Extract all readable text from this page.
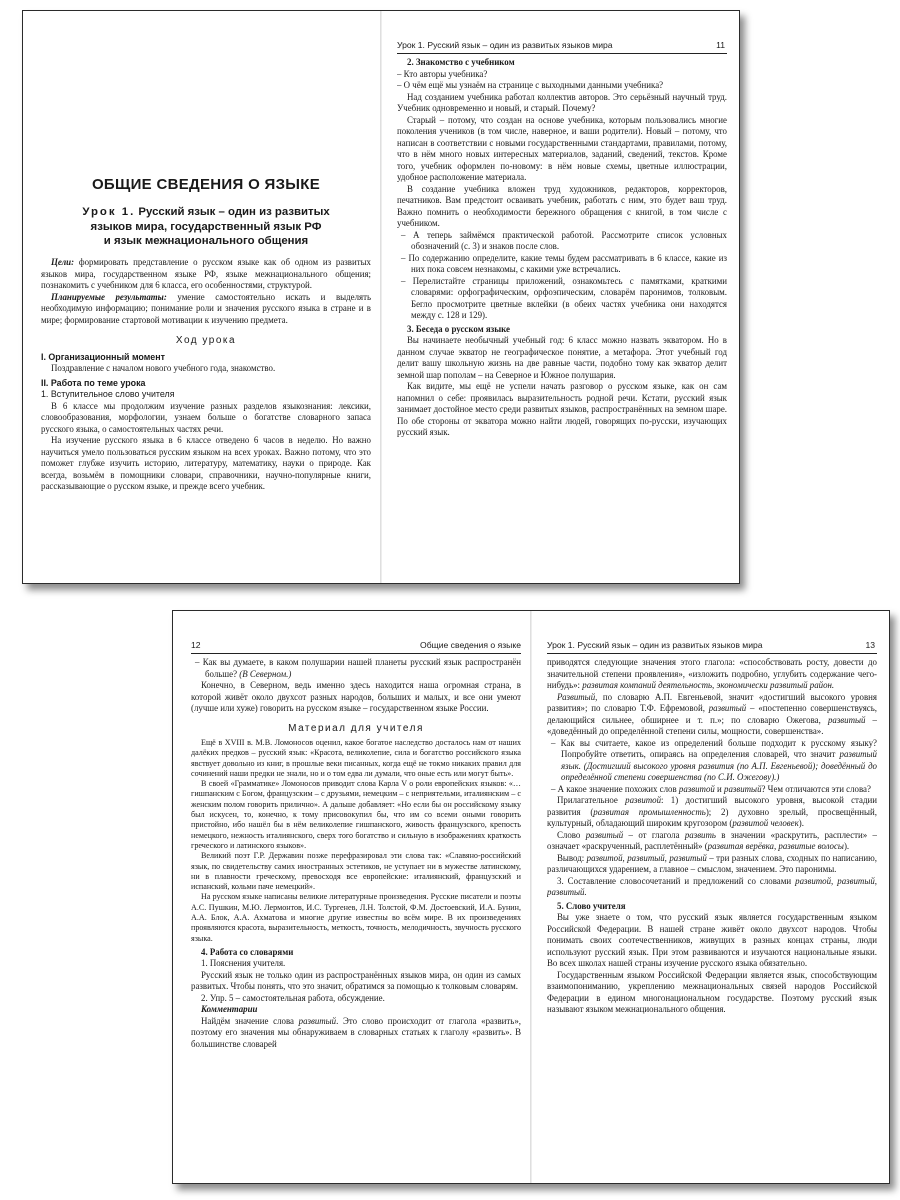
ОБЩИЕ СВЕДЕНИЯ О ЯЗЫКЕ
Урок 1. Русский язык – один из развитых
языков мира, государственный язык РФ
и язык межнационального общения

Цели: формировать представление о русском языке как об одном из развитых языков мира, государственном языке РФ, языке межнационального общения; познакомить с учебником для 6 класса, его особенностями, структурой.

Планируемые результаты: умение самостоятельно искать и выделять необходимую информацию; понимание роли и значения русского языка в стране и в мире; формирование стартовой мотивации к изучению предмета.

Ход урока
I. Организационный момент

Поздравление с началом нового учебного года, знакомство.

II. Работа по теме урока
1. Вступительное слово учителя

В 6 классе мы продолжим изучение разных разделов языкознания: лексики, словообразования, морфологии, узнаем больше о богатстве словарного запаса русского языка, о самостоятельных частях речи.

На изучение русского языка в 6 классе отведено 6 часов в неделю. Но важно научиться умело пользоваться русским языком на всех уроках. Важно потому, что это поможет глубже изучить историю, литературу, математику, науки о природе. Как всегда, возьмём в помощники словари, справочники, научно-популярные книги, рассказывающие о русском языке, и прежде всего учебник.

Урок 1. Русский язык – один из развитых языков мира	11
2. Знакомство с учебником

– Кто авторы учебника?

– О чём ещё мы узнаём на странице с выходными данными учебника?

Над созданием учебника работал коллектив авторов. Это серьёзный научный труд. Учебник одновременно и новый, и старый. Почему?

Старый – потому, что создан на основе учебника, которым пользовались многие поколения учеников (в том числе, наверное, и ваши родители). Новый – потому, что написан в соответствии с новыми государственными стандартами, правилами, потому, что в нём много новых интересных материалов, заданий, сведений, текстов. Кроме того, учебник оформлен по-новому: в нём новые схемы, цветные иллюстрации, удобное расположение материала.

В создание учебника вложен труд художников, редакторов, корректоров, печатников. Вам предстоит осваивать учебник, работать с ним, это будет ваш труд. Важно помнить о необходимости бережного обращения с книгой, в том числе с учебником.

– А теперь займёмся практической работой. Рассмотрите список условных обозначений (с. 3) и знаков после слов.

– По содержанию определите, какие темы будем рассматривать в 6 классе, какие из них пока совсем незнакомы, с какими уже встречались.

– Перелистайте страницы приложений, ознакомьтесь с памятками, краткими словарями: орфографическим, орфоэпическим, словарём паронимов, толковым. Бегло просмотрите цветные вклейки (в обеих частях учебника они находятся между с. 128 и 129).

3. Беседа о русском языке

Вы начинаете необычный учебный год: 6 класс можно назвать экватором. Но в данном случае экватор не географическое понятие, а метафора. Этот учебный год делит вашу школьную жизнь на две равные части, подобно тому как экватор делит земной шар пополам – на Северное и Южное полушария.

Как видите, мы ещё не успели начать разговор о русском языке, как он сам напомнил о себе: проявилась выразительность родной речи. Кстати, русский язык занимает достойное место среди развитых языков, распространённых на земном шаре. По обе стороны от экватора можно найти людей, говорящих по-русски, изучающих русский язык.

12	Общие сведения о языке

– Как вы думаете, в каком полушарии нашей планеты русский язык распространён больше? (В Северном.)

Конечно, в Северном, ведь именно здесь находится наша огромная страна, в которой живёт около двухсот разных народов, больших и малых, и все они умеют (лучше или хуже) говорить на русском языке – государственном языке России.

Материал для учителя

Ещё в XVIII в. М.В. Ломоносов оценил, какое богатое наследство досталось нам от наших далёких предков – русский язык: «Красота, великолепие, сила и богатство российского языка явствует довольно из книг, в прошлые веки писанных, когда ещё не токмо никаких правил для сочинений наши предки не знали, но и о том едва ли думали, что оные есть или могут быть».

В своей «Грамматике» Ломоносов приводит слова Карла V о роли европейских языков: «…гишпанским с Богом, французским – с друзьями, немецким – с неприятельми, италиянским – с женским полом говорить прилично». А дальше добавляет: «Но если бы он российскому языку был искусен, то, конечно, к тому присовокупил бы, что им со всеми оными говорить пристойно, ибо нашёл бы в нём великолепие гишпанского, живость французского, крепость немецкого, нежность италиянского, сверх того богатство и сильную в изображениях краткость греческого и латинского языков».

Великий поэт Г.Р. Державин позже перефразировал эти слова так: «Славяно-российский язык, по свидетельству самих иностранных эстетиков, не уступает ни в мужестве латинскому, ни в плавности греческому, превосходя все европейские: италиянский, французский и испанский, кольми паче немецкий».

На русском языке написаны великие литературные произведения. Русские писатели и поэты А.С. Пушкин, М.Ю. Лермонтов, И.С. Тургенев, Л.Н. Толстой, Ф.М. Достоевский, И.А. Бунин, А.А. Блок, А.А. Ахматова и многие другие известны во всём мире. В их произведениях проявляются красота, выразительность, меткость, точность, мелодичность, звучность русского языка.

4. Работа со словарями

1. Пояснения учителя.

Русский язык не только один из распространённых языков мира, он один из самых развитых. Чтобы понять, что это значит, обратимся за помощью к толковым словарям.

2. Упр. 5 – самостоятельная работа, обсуждение.

Комментарии

Найдём значение слова развитый. Это слово происходит от глагола «развить», поэтому его значения мы обнаруживаем в словарных статьях к глаголу «развить». В большинстве словарей

Урок 1. Русский язык – один из развитых языков мира	13

приводятся следующие значения этого глагола: «способствовать росту, довести до значительной степени проявления», «изложить подробно, углубить содержание чего-нибудь»: развитая компаний деятельность, экономически развитый район.

Развитый, по словарю А.П. Евгеньевой, значит «достигший высокого уровня развития»; по словарю Т.Ф. Ефремовой, развитый – «постепенно совершенствуясь, делающийся сильнее, обширнее и т. п.»; по словарю Ожегова, развитый – «доведённый до определённой степени силы, мощности, совершенства».

– Как вы считаете, какое из определений больше подходит к русскому языку? Попробуйте ответить, опираясь на определения словарей, что значит развитый язык. (Достигший высокого уровня развития (по А.П. Евгеньевой); доведённый до определённой степени совершенства (по С.И. Ожегову).)

– А какое значение похожих слов развитой и развитый? Чем отличаются эти слова?

Прилагательное развитой: 1) достигший высокого уровня, высокой стадии развития (развитая промышленность); 2) духовно зрелый, просвещённый, культурный, обладающий широким кругозором (развитой человек).

Слово развитый – от глагола развить в значении «раскрутить, расплести» – означает «раскрученный, расплетённый» (развитая верёвка, развитые волосы).

Вывод: развитой, развитый, развитый – три разных слова, сходных по написанию, различающихся ударением, а главное – смыслом, значением. Это паронимы.

3. Составление словосочетаний и предложений со словами развитой, развитый, развитый.

5. Слово учителя

Вы уже знаете о том, что русский язык является государственным языком Российской Федерации. В нашей стране живёт около двухсот народов. Чтобы понимать своих соотечественников, живущих в разных концах страны, люди используют русский язык. При этом развиваются и изучаются национальные языки. Во всех школах нашей страны изучение русского языка обязательно.

Государственным языком Российской Федерации является язык, способствующим взаимопониманию, укреплению межнациональных связей народов Российской Федерации в едином многонациональном государстве. Поэтому русский язык называют языком межнационального общения.
